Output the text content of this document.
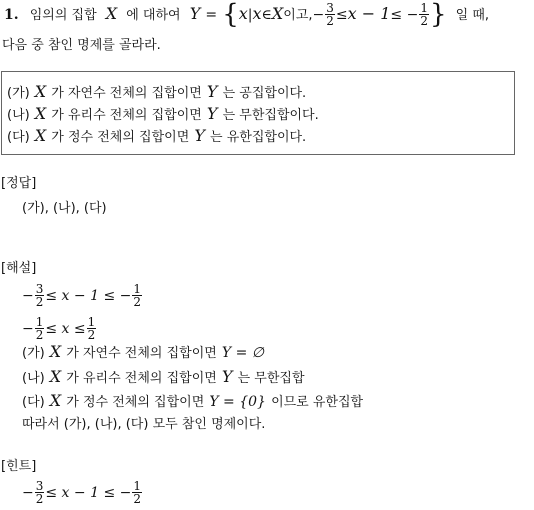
1. 임의의 집합 X 에 대하여 Y = {x|x∈X이고,− $\frac{3}{2} \le x - 1\le - \frac{1}{2}$ } 일 때,
다음 중 참인 명제를 골라라.
(가) X 가 자연수 전체의 집합이면 Y 는 공집합이다.
(나) X 가 유리수 전체의 집합이면 Y 는 무한집합이다.
(다) X 가 정수 전체의 집합이면 Y 는 유한집합이다.
[정답]
(가), (나), (다)
[해설]
− $\frac{3}{2} \le x - 1$ ≤ − $\frac{1}{2}$
− $\frac{1}{2} \le x \le \frac{1}{2}$
(가) X 가 자연수 전체의 집합이면 Y = ∅
(나) X 가 유리수 전체의 집합이면 Y 는 무한집합
(다) X 가 정수 전체의 집합이면 Y = {0} 이므로 유한집합
따라서 (가), (나), (다) 모두 참인 명제이다.
[힌트]
− $\frac{3}{2} \le x - 1$ ≤ − $\frac{1}{2}$
